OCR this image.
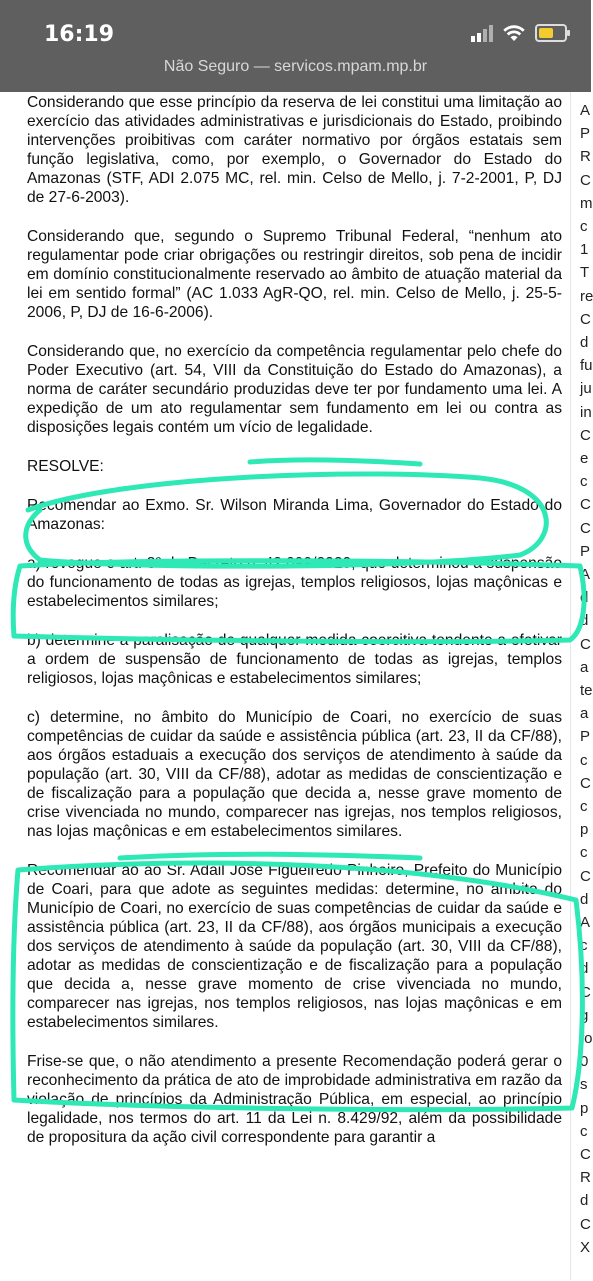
16:19
Não Seguro — servicos.mpam.mp.br

Considerando que esse princípio da reserva de lei constitui uma limitação ao exercício das atividades administrativas e jurisdicionais do Estado, proibindo intervenções proibitivas com caráter normativo por órgãos estatais sem função legislativa, como, por exemplo, o Governador do Estado do Amazonas (STF, ADI 2.075 MC, rel. min. Celso de Mello, j. 7-2-2001, P, DJ de 27-6-2003).

Considerando que, segundo o Supremo Tribunal Federal, “nenhum ato regulamentar pode criar obrigações ou restringir direitos, sob pena de incidir em domínio constitucionalmente reservado ao âmbito de atuação material da lei em sentido formal” (AC 1.033 AgR-QO, rel. min. Celso de Mello, j. 25-5-2006, P, DJ de 16-6-2006).

Considerando que, no exercício da competência regulamentar pelo chefe do Poder Executivo (art. 54, VIII da Constituição do Estado do Amazonas), a norma de caráter secundário produzidas deve ter por fundamento uma lei. A expedição de um ato regulamentar sem fundamento em lei ou contra as disposições legais contém um vício de legalidade.

RESOLVE:

Recomendar ao Exmo. Sr. Wilson Miranda Lima, Governador do Estado do Amazonas:

a) revogue o art. 3º do Decreto n. 42.099/2020, que determinou a suspensão do funcionamento de todas as igrejas, templos religiosos, lojas maçônicas e estabelecimentos similares;

b) determine a paralisação de qualquer medida coercitiva tendente a efetivar a ordem de suspensão de funcionamento de todas as igrejas, templos religiosos, lojas maçônicas e estabelecimentos similares;

c) determine, no âmbito do Município de Coari, no exercício de suas competências de cuidar da saúde e assistência pública (art. 23, II da CF/88), aos órgãos estaduais a execução dos serviços de atendimento à saúde da população (art. 30, VIII da CF/88), adotar as medidas de conscientização e de fiscalização para a população que decida a, nesse grave momento de crise vivenciada no mundo, comparecer nas igrejas, nos templos religiosos, nas lojas maçônicas e em estabelecimentos similares.

Recomendar ao ao Sr. Adail José Figueiredo Pinheiro, Prefeito do Município de Coari, para que adote as seguintes medidas: determine, no âmbito do Município de Coari, no exercício de suas competências de cuidar da saúde e assistência pública (art. 23, II da CF/88), aos órgãos municipais a execução dos serviços de atendimento à saúde da população (art. 30, VIII da CF/88), adotar as medidas de conscientização e de fiscalização para a população que decida a, nesse grave momento de crise vivenciada no mundo, comparecer nas igrejas, nos templos religiosos, nas lojas maçônicas e em estabelecimentos similares.

Frise-se que, o não atendimento a presente Recomendação poderá gerar o reconhecimento da prática de ato de improbidade administrativa em razão da violação de princípios da Administração Pública, em especial, ao princípio legalidade, nos termos do art. 11 da Lei n. 8.429/92, além da possibilidade de propositura da ação civil correspondente para garantir a

A
P
R
C
m
c
1
T
re
C
d
fu
ju
in
C
e
c
C
C
P
A
d
d
C
a
te
a
P
c
C
c
p
c
C
d
A
c
d
C
g
fo
0
s
p
c
C
R
d
C
X
